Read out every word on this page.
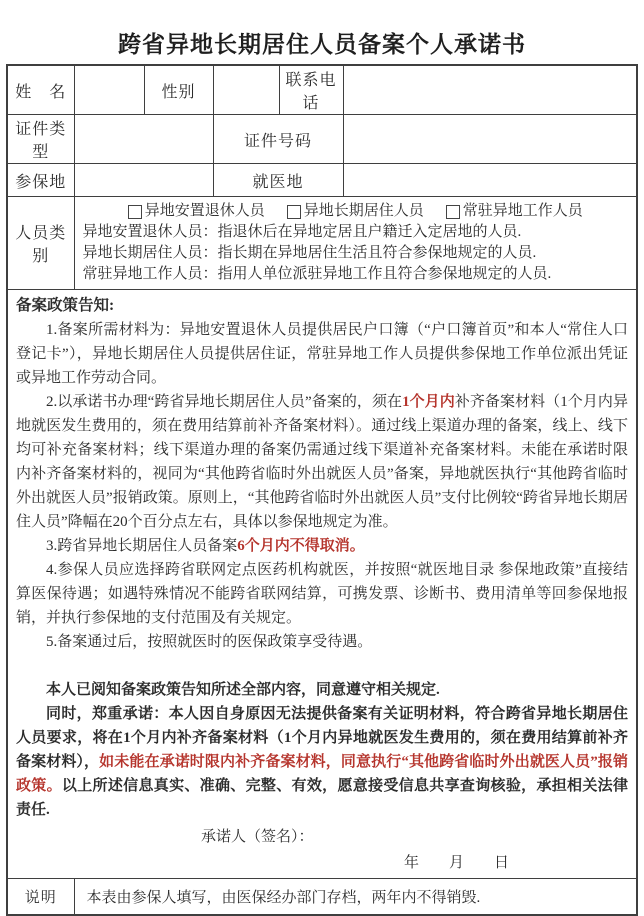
跨省异地长期居住人员备案个人承诺书
姓　名		性别		联系电话	
证件类型			证件号码		
参保地			就医地		
人员类别	
异地安置退休人员	异地长期居住人员	常驻异地工作人员
异地安置退休人员：指退休后在异地定居且户籍迁入定居地的人员.
异地长期居住人员：指长期在异地居住生活且符合参保地规定的人员.
常驻异地工作人员：指用人单位派驻异地工作且符合参保地规定的人员.

备案政策告知:

1.备案所需材料为：异地安置退休人员提供居民户口簿（“户口簿首页”和本人“常住人口登记卡”），异地长期居住人员提供居住证，常驻异地工作人员提供参保地工作单位派出凭证或异地工作劳动合同。

2.以承诺书办理“跨省异地长期居住人员”备案的，须在1个月内补齐备案材料（1个月内异地就医发生费用的，须在费用结算前补齐备案材料）。通过线上渠道办理的备案，线上、线下均可补充备案材料；线下渠道办理的备案仍需通过线下渠道补充备案材料。未能在承诺时限内补齐备案材料的，视同为“其他跨省临时外出就医人员”备案，异地就医执行“其他跨省临时外出就医人员”报销政策。原则上，“其他跨省临时外出就医人员”支付比例较“跨省异地长期居住人员”降幅在20个百分点左右，具体以参保地规定为准。

3.跨省异地长期居住人员备案6个月内不得取消。

4.参保人员应选择跨省联网定点医药机构就医，并按照“就医地目录 参保地政策”直接结算医保待遇；如遇特殊情况不能跨省联网结算，可携发票、诊断书、费用清单等回参保地报销，并执行参保地的支付范围及有关规定。

5.备案通过后，按照就医时的医保政策享受待遇。

本人已阅知备案政策告知所述全部内容，同意遵守相关规定.

同时，郑重承诺：本人因自身原因无法提供备案有关证明材料，符合跨省异地长期居住人员要求，将在1个月内补齐备案材料（1个月内异地就医发生费用的，须在费用结算前补齐备案材料），如未能在承诺时限内补齐备案材料，同意执行“其他跨省临时外出就医人员”报销政策。以上所述信息真实、准确、完整、有效，愿意接受信息共享查询核验，承担相关法律责任.

承诺人（签名）：
年　　月　　日

说明	本表由参保人填写，由医保经办部门存档，两年内不得销毁.				
